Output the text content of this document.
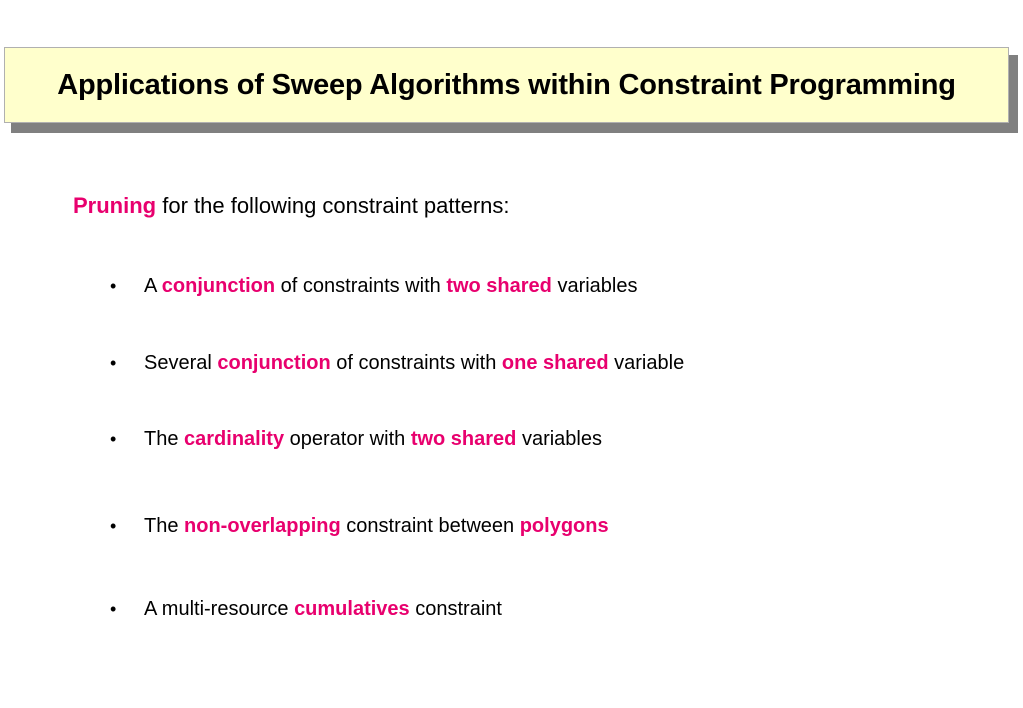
Applications of Sweep Algorithms within Constraint Programming
Pruning for the following constraint patterns:
•	A conjunction of constraints with two shared variables
•	Several conjunction of constraints with one shared variable
•	The cardinality operator with two shared variables
•	The non-overlapping constraint between polygons
•	A multi-resource cumulatives constraint
